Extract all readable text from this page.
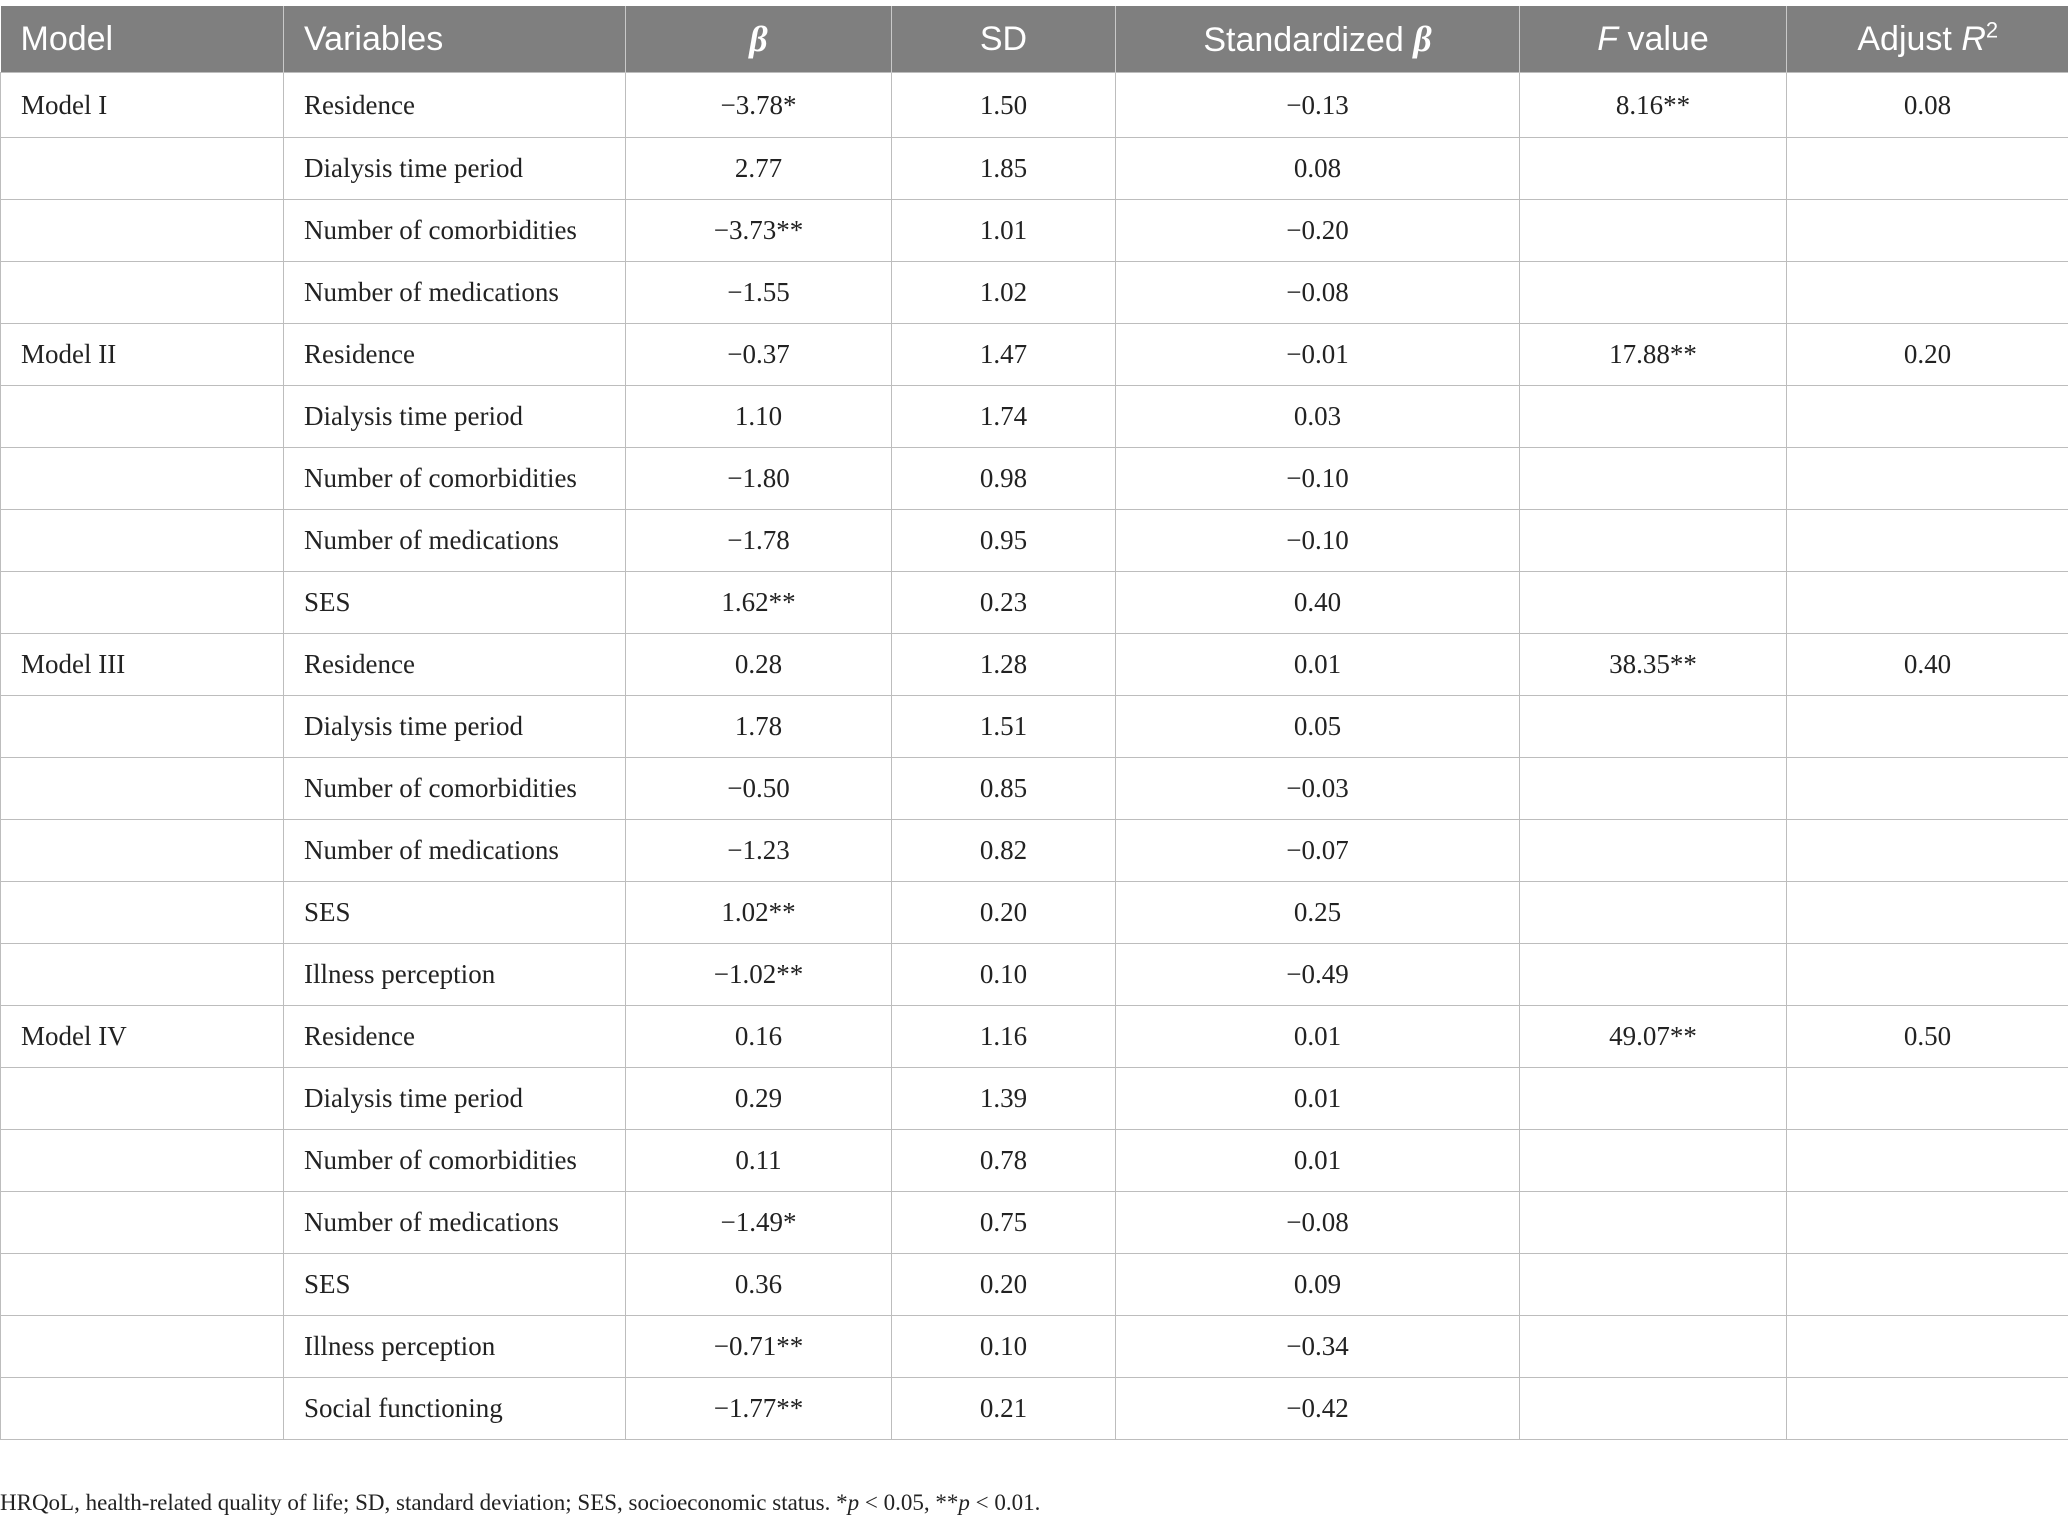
Model	Variables	β	SD	Standardized β	F value	Adjust $R^2$
Model I	Residence	−3.78*	1.50	−0.13	8.16**	0.08
	Dialysis time period	2.77	1.85	0.08		
	Number of comorbidities	−3.73**	1.01	−0.20		
	Number of medications	−1.55	1.02	−0.08		
Model II	Residence	−0.37	1.47	−0.01	17.88**	0.20
	Dialysis time period	1.10	1.74	0.03		
	Number of comorbidities	−1.80	0.98	−0.10		
	Number of medications	−1.78	0.95	−0.10		
	SES	1.62**	0.23	0.40		
Model III	Residence	0.28	1.28	0.01	38.35**	0.40
	Dialysis time period	1.78	1.51	0.05		
	Number of comorbidities	−0.50	0.85	−0.03		
	Number of medications	−1.23	0.82	−0.07		
	SES	1.02**	0.20	0.25		
	Illness perception	−1.02**	0.10	−0.49		
Model IV	Residence	0.16	1.16	0.01	49.07**	0.50
	Dialysis time period	0.29	1.39	0.01		
	Number of comorbidities	0.11	0.78	0.01		
	Number of medications	−1.49*	0.75	−0.08		
	SES	0.36	0.20	0.09		
	Illness perception	−0.71**	0.10	−0.34		
	Social functioning	−1.77**	0.21	−0.42		
HRQoL, health-related quality of life; SD, standard deviation; SES, socioeconomic status. *p < 0.05, **p < 0.01.
